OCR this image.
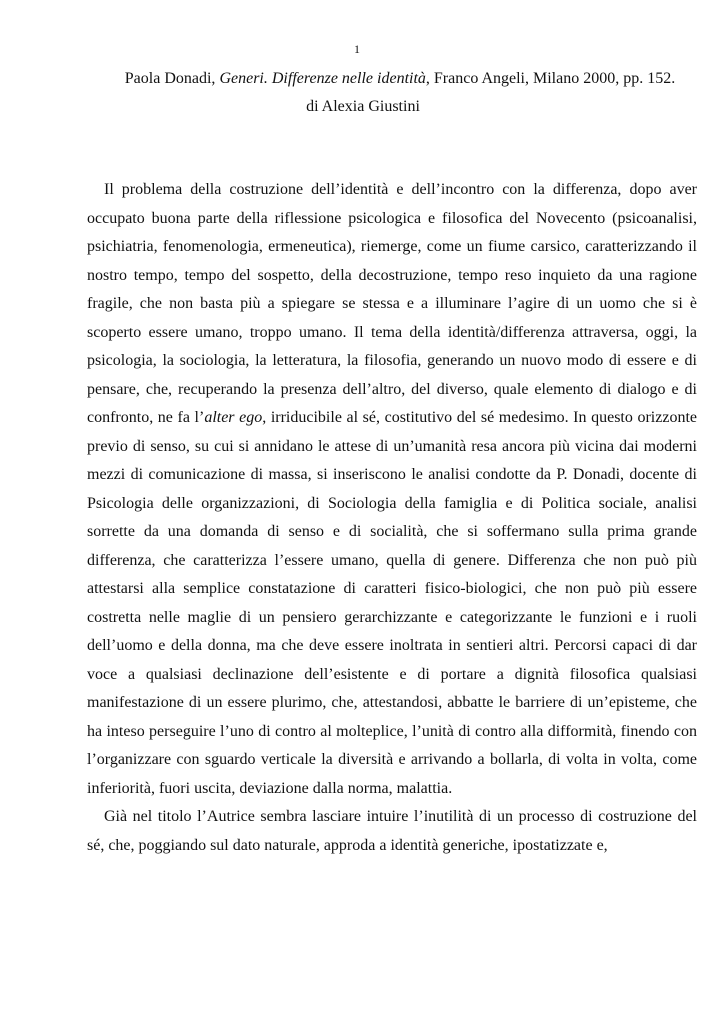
1
Paola Donadi, Generi. Differenze nelle identità, Franco Angeli, Milano 2000, pp. 152.
di Alexia Giustini

Il problema della costruzione dell’identità e dell’incontro con la differenza, dopo aver occupato buona parte della riflessione psicologica e filosofica del Novecento (psicoanalisi, psichiatria, fenomenologia, ermeneutica), riemerge, come un fiume carsico, caratterizzando il nostro tempo, tempo del sospetto, della decostruzione, tempo reso inquieto da una ragione fragile, che non basta più a spiegare se stessa e a illuminare l’agire di un uomo che si è scoperto essere umano, troppo umano. Il tema della identità/differenza attraversa, oggi, la psicologia, la sociologia, la letteratura, la filosofia, generando un nuovo modo di essere e di pensare, che, recuperando la presenza dell’altro, del diverso, quale elemento di dialogo e di confronto, ne fa l’alter ego, irriducibile al sé, costitutivo del sé medesimo. In questo orizzonte previo di senso, su cui si annidano le attese di un’umanità resa ancora più vicina dai moderni mezzi di comunicazione di massa, si inseriscono le analisi condotte da P. Donadi, docente di Psicologia delle organizzazioni, di Sociologia della famiglia e di Politica sociale, analisi sorrette da una domanda di senso e di socialità, che si soffermano sulla prima grande differenza, che caratterizza l’essere umano, quella di genere. Differenza che non può più attestarsi alla semplice constatazione di caratteri fisico-biologici, che non può più essere costretta nelle maglie di un pensiero gerarchizzante e categorizzante le funzioni e i ruoli dell’uomo e della donna, ma che deve essere inoltrata in sentieri altri. Percorsi capaci di dar voce a qualsiasi declinazione dell’esistente e di portare a dignità filosofica qualsiasi manifestazione di un essere plurimo, che, attestandosi, abbatte le barriere di un’episteme, che ha inteso perseguire l’uno di contro al molteplice, l’unità di contro alla difformità, finendo con l’organizzare con sguardo verticale la diversità e arrivando a bollarla, di volta in volta, come inferiorità, fuori uscita, deviazione dalla norma, malattia.

Già nel titolo l’Autrice sembra lasciare intuire l’inutilità di un processo di costruzione del sé, che, poggiando sul dato naturale, approda a identità generiche, ipostatizzate e,
